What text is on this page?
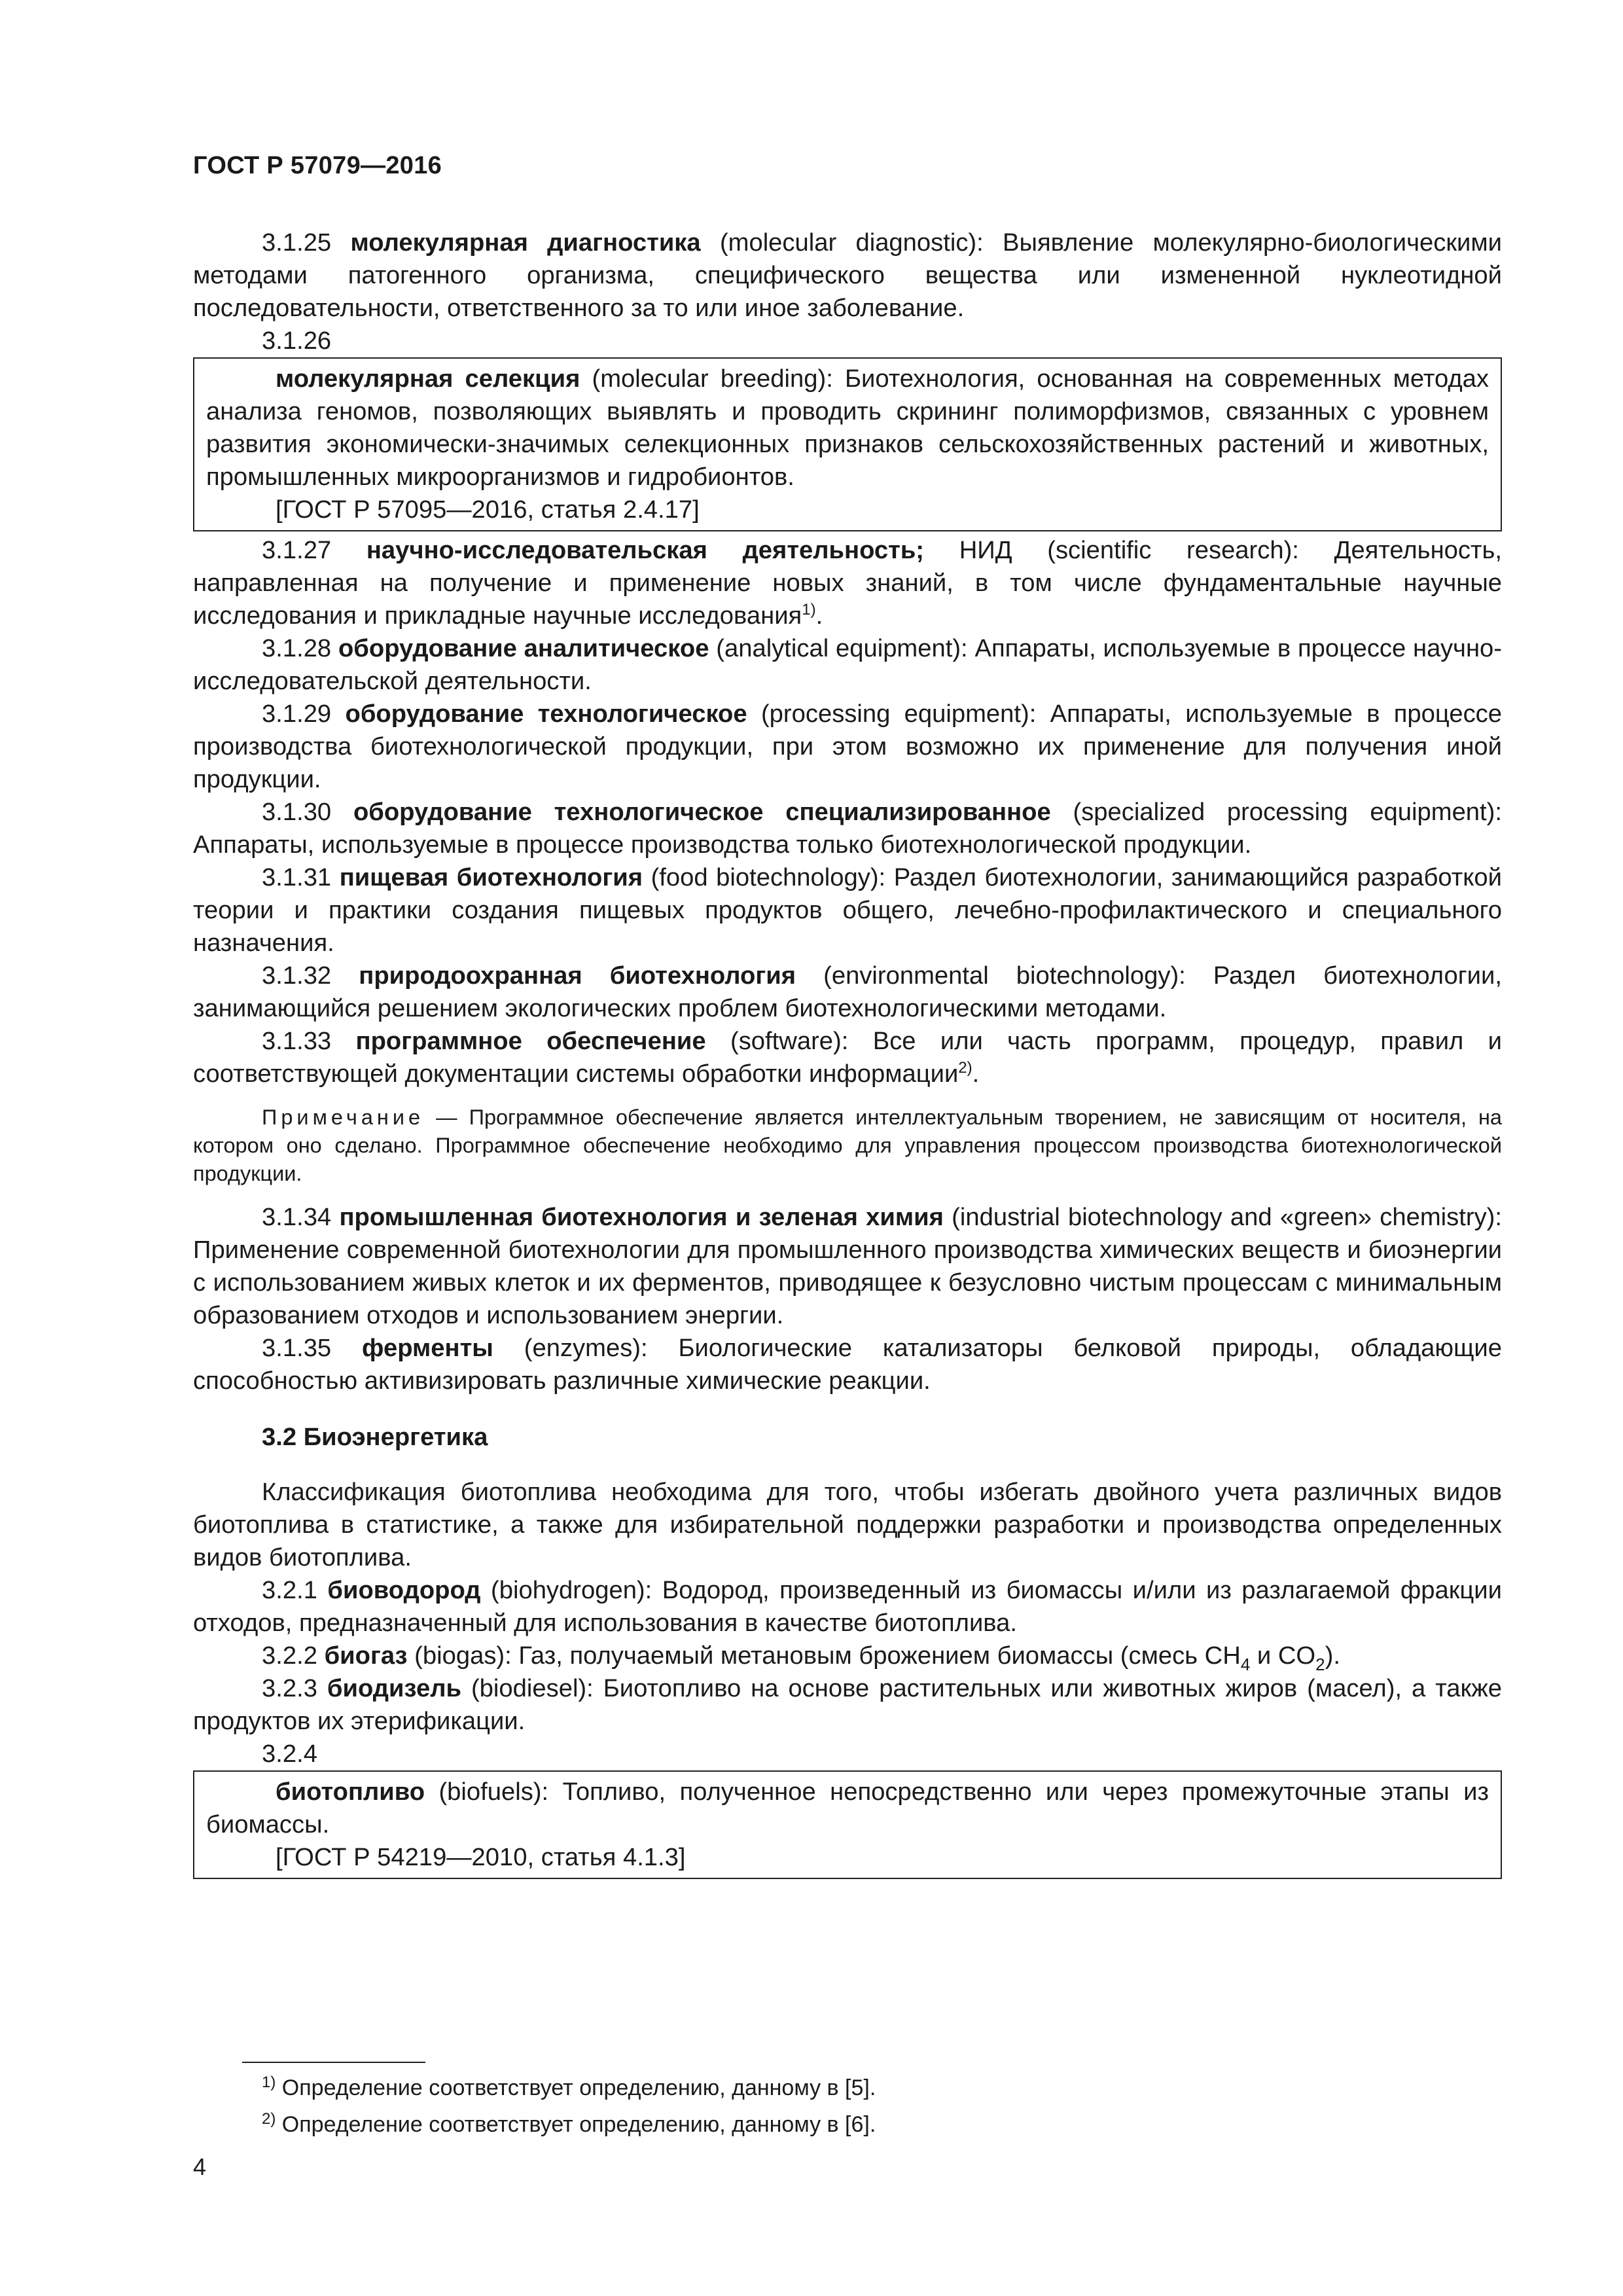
ГОСТ Р 57079—2016

3.1.25 молекулярная диагностика (molecular diagnostic): Выявление молекулярно-биологическими методами патогенного организма, специфического вещества или измененной нуклеотидной последовательности, ответственного за то или иное заболевание.

3.1.26

молекулярная селекция (molecular breeding): Биотехнология, основанная на современных методах анализа геномов, позволяющих выявлять и проводить скрининг полиморфизмов, связанных с уровнем развития экономически-значимых селекционных признаков сельскохозяйственных растений и животных, промышленных микроорганизмов и гидробионтов.

[ГОСТ Р 57095—2016, статья 2.4.17]

3.1.27 научно-исследовательская деятельность; НИД (scientific research): Деятельность, направленная на получение и применение новых знаний, в том числе фундаментальные научные исследования и прикладные научные исследования$^{1)}$.

3.1.28 оборудование аналитическое (analytical equipment): Аппараты, используемые в процессе научно-исследовательской деятельности.

3.1.29 оборудование технологическое (processing equipment): Аппараты, используемые в процессе производства биотехнологической продукции, при этом возможно их применение для получения иной продукции.

3.1.30 оборудование технологическое специализированное (specialized processing equipment): Аппараты, используемые в процессе производства только биотехнологической продукции.

3.1.31 пищевая биотехнология (food biotechnology): Раздел биотехнологии, занимающийся разработкой теории и практики создания пищевых продуктов общего, лечебно-профилактического и специального назначения.

3.1.32 природоохранная биотехнология (environmental biotechnology): Раздел биотехнологии, занимающийся решением экологических проблем биотехнологическими методами.

3.1.33 программное обеспечение (software): Все или часть программ, процедур, правил и соответствующей документации системы обработки информации$^{2)}$.

Примечание — Программное обеспечение является интеллектуальным творением, не зависящим от носителя, на котором оно сделано. Программное обеспечение необходимо для управления процессом производства биотехнологической продукции.

3.1.34 промышленная биотехнология и зеленая химия (industrial biotechnology and «green» chemistry): Применение современной биотехнологии для промышленного производства химических веществ и биоэнергии с использованием живых клеток и их ферментов, приводящее к безусловно чистым процессам с минимальным образованием отходов и использованием энергии.

3.1.35 ферменты (enzymes): Биологические катализаторы белковой природы, обладающие способностью активизировать различные химические реакции.

3.2 Биоэнергетика

Классификация биотоплива необходима для того, чтобы избегать двойного учета различных видов биотоплива в статистике, а также для избирательной поддержки разработки и производства определенных видов биотоплива.

3.2.1 биоводород (biohydrogen): Водород, произведенный из биомассы и/или из разлагаемой фракции отходов, предназначенный для использования в качестве биотоплива.

3.2.2 биогаз (biogas): Газ, получаемый метановым брожением биомассы (смесь $CH_4$ и $CO_2$).

3.2.3 биодизель (biodiesel): Биотопливо на основе растительных или животных жиров (масел), а также продуктов их этерификации.

3.2.4

биотопливо (biofuels): Топливо, полученное непосредственно или через промежуточные этапы из биомассы.

[ГОСТ Р 54219—2010, статья 4.1.3]

$^{1)}$ Определение соответствует определению, данному в [5].
$^{2)}$ Определение соответствует определению, данному в [6].
4
